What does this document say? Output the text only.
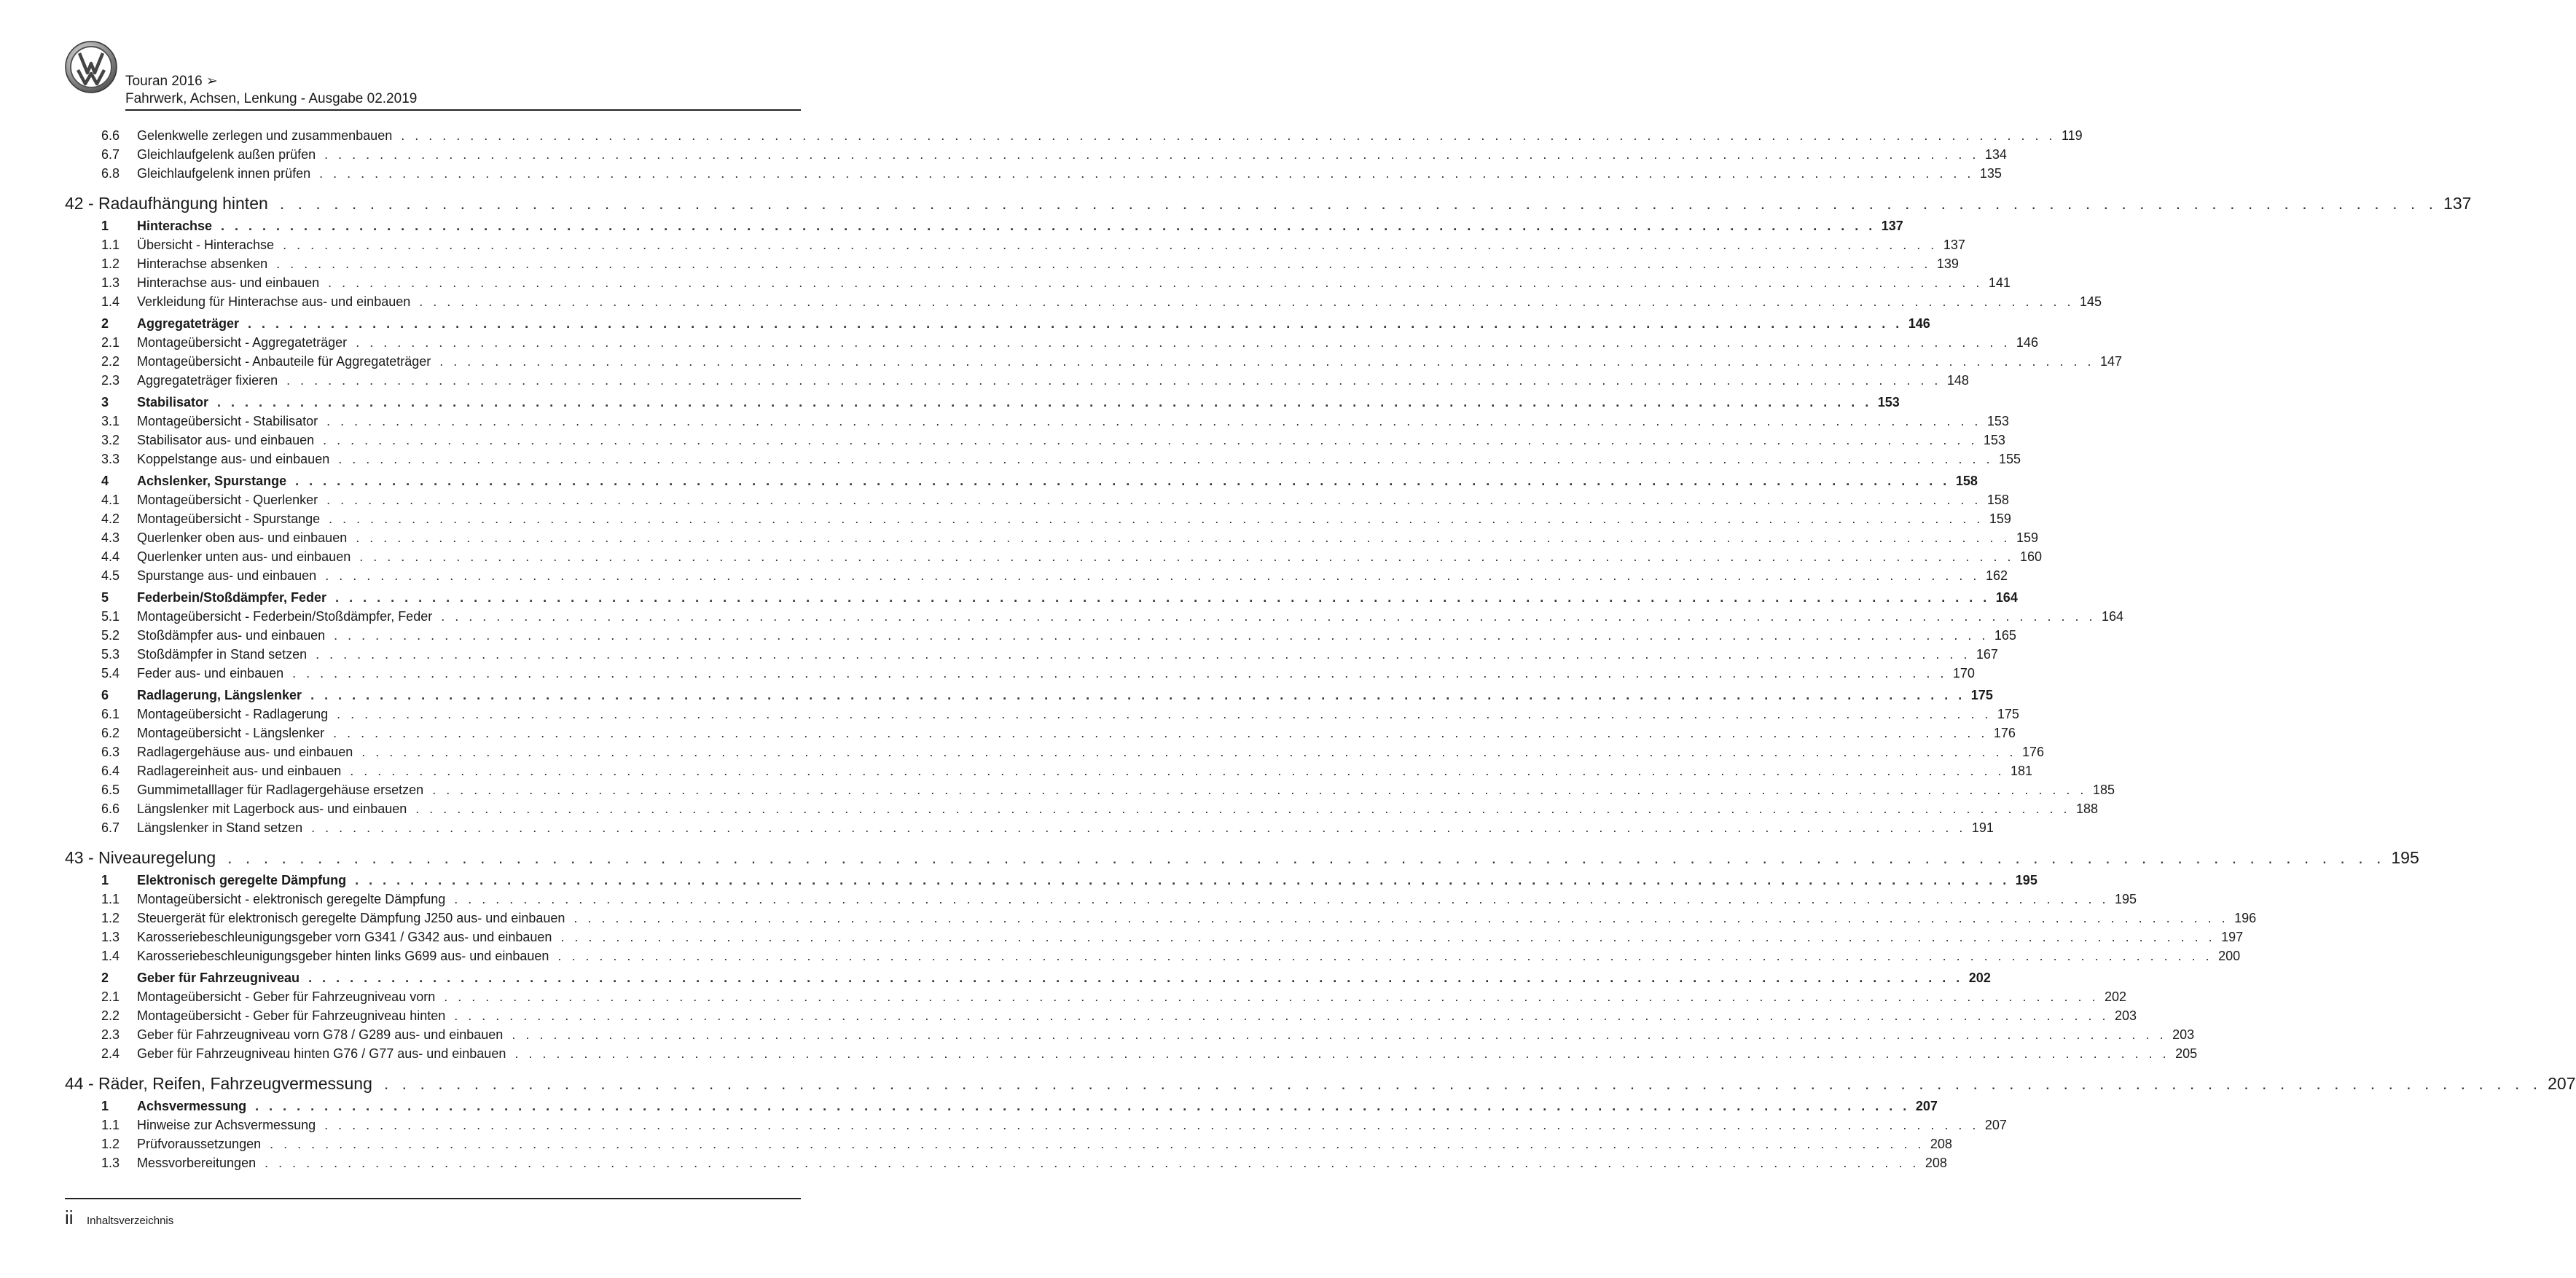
Touran 2016 ➢
Fahrwerk, Achsen, Lenkung - Ausgabe 02.2019
6.6	Gelenkwelle zerlegen und zusammenbauen . . . . . . . . . . . . . . . . . . . . . . . . . . . . . . . . . . . . . . . . . . . . . . . . . . . . . . . . . . . . . . . . . . . . . . . . . . . . . . . . . . . . . . . . . . . . . . . . . . . . . . . . . . . . . . . . . . . . . . . . 119
6.7	Gleichlaufgelenk außen prüfen . . . . . . . . . . . . . . . . . . . . . . . . . . . . . . . . . . . . . . . . . . . . . . . . . . . . . . . . . . . . . . . . . . . . . . . . . . . . . . . . . . . . . . . . . . . . . . . . . . . . . . . . . . . . . . . . . . . . . . . . 134
6.8	Gleichlaufgelenk innen prüfen . . . . . . . . . . . . . . . . . . . . . . . . . . . . . . . . . . . . . . . . . . . . . . . . . . . . . . . . . . . . . . . . . . . . . . . . . . . . . . . . . . . . . . . . . . . . . . . . . . . . . . . . . . . . . . . . . . . . . . . . 135
42 - Radaufhängung hinten . . . . . . . . . . . . . . . . . . . . . . . . . . . . . . . . . . . . . . . . . . . . . . . . . . . . . . . . . . . . . . . . . . . . . . . . . . . . . . . . . . . . . . . . . . . . . . . . . . . . . . . . . . . . . . . . . . . . . . . . 137
1	Hinterachse . . . . . . . . . . . . . . . . . . . . . . . . . . . . . . . . . . . . . . . . . . . . . . . . . . . . . . . . . . . . . . . . . . . . . . . . . . . . . . . . . . . . . . . . . . . . . . . . . . . . . . . . . . . . . . . . . . . . . . . . 137
1.1	Übersicht - Hinterachse . . . . . . . . . . . . . . . . . . . . . . . . . . . . . . . . . . . . . . . . . . . . . . . . . . . . . . . . . . . . . . . . . . . . . . . . . . . . . . . . . . . . . . . . . . . . . . . . . . . . . . . . . . . . . . . . . . . . . . . . 137
1.2	Hinterachse absenken . . . . . . . . . . . . . . . . . . . . . . . . . . . . . . . . . . . . . . . . . . . . . . . . . . . . . . . . . . . . . . . . . . . . . . . . . . . . . . . . . . . . . . . . . . . . . . . . . . . . . . . . . . . . . . . . . . . . . . . . 139
1.3	Hinterachse aus- und einbauen . . . . . . . . . . . . . . . . . . . . . . . . . . . . . . . . . . . . . . . . . . . . . . . . . . . . . . . . . . . . . . . . . . . . . . . . . . . . . . . . . . . . . . . . . . . . . . . . . . . . . . . . . . . . . . . . . . . . . . . . 141
1.4	Verkleidung für Hinterachse aus- und einbauen . . . . . . . . . . . . . . . . . . . . . . . . . . . . . . . . . . . . . . . . . . . . . . . . . . . . . . . . . . . . . . . . . . . . . . . . . . . . . . . . . . . . . . . . . . . . . . . . . . . . . . . . . . . . . . . . . . . . . . . . 145
2	Aggregateträger . . . . . . . . . . . . . . . . . . . . . . . . . . . . . . . . . . . . . . . . . . . . . . . . . . . . . . . . . . . . . . . . . . . . . . . . . . . . . . . . . . . . . . . . . . . . . . . . . . . . . . . . . . . . . . . . . . . . . . . . 146
2.1	Montageübersicht - Aggregateträger . . . . . . . . . . . . . . . . . . . . . . . . . . . . . . . . . . . . . . . . . . . . . . . . . . . . . . . . . . . . . . . . . . . . . . . . . . . . . . . . . . . . . . . . . . . . . . . . . . . . . . . . . . . . . . . . . . . . . . . . 146
2.2	Montageübersicht - Anbauteile für Aggregateträger . . . . . . . . . . . . . . . . . . . . . . . . . . . . . . . . . . . . . . . . . . . . . . . . . . . . . . . . . . . . . . . . . . . . . . . . . . . . . . . . . . . . . . . . . . . . . . . . . . . . . . . . . . . . . . . . . . . . . . . . 147
2.3	Aggregateträger fixieren . . . . . . . . . . . . . . . . . . . . . . . . . . . . . . . . . . . . . . . . . . . . . . . . . . . . . . . . . . . . . . . . . . . . . . . . . . . . . . . . . . . . . . . . . . . . . . . . . . . . . . . . . . . . . . . . . . . . . . . . 148
3	Stabilisator . . . . . . . . . . . . . . . . . . . . . . . . . . . . . . . . . . . . . . . . . . . . . . . . . . . . . . . . . . . . . . . . . . . . . . . . . . . . . . . . . . . . . . . . . . . . . . . . . . . . . . . . . . . . . . . . . . . . . . . . 153
3.1	Montageübersicht - Stabilisator . . . . . . . . . . . . . . . . . . . . . . . . . . . . . . . . . . . . . . . . . . . . . . . . . . . . . . . . . . . . . . . . . . . . . . . . . . . . . . . . . . . . . . . . . . . . . . . . . . . . . . . . . . . . . . . . . . . . . . . . 153
3.2	Stabilisator aus- und einbauen . . . . . . . . . . . . . . . . . . . . . . . . . . . . . . . . . . . . . . . . . . . . . . . . . . . . . . . . . . . . . . . . . . . . . . . . . . . . . . . . . . . . . . . . . . . . . . . . . . . . . . . . . . . . . . . . . . . . . . . . 153
3.3	Koppelstange aus- und einbauen . . . . . . . . . . . . . . . . . . . . . . . . . . . . . . . . . . . . . . . . . . . . . . . . . . . . . . . . . . . . . . . . . . . . . . . . . . . . . . . . . . . . . . . . . . . . . . . . . . . . . . . . . . . . . . . . . . . . . . . . 155
4	Achslenker, Spurstange . . . . . . . . . . . . . . . . . . . . . . . . . . . . . . . . . . . . . . . . . . . . . . . . . . . . . . . . . . . . . . . . . . . . . . . . . . . . . . . . . . . . . . . . . . . . . . . . . . . . . . . . . . . . . . . . . . . . . . . . 158
4.1	Montageübersicht - Querlenker . . . . . . . . . . . . . . . . . . . . . . . . . . . . . . . . . . . . . . . . . . . . . . . . . . . . . . . . . . . . . . . . . . . . . . . . . . . . . . . . . . . . . . . . . . . . . . . . . . . . . . . . . . . . . . . . . . . . . . . . 158
4.2	Montageübersicht - Spurstange . . . . . . . . . . . . . . . . . . . . . . . . . . . . . . . . . . . . . . . . . . . . . . . . . . . . . . . . . . . . . . . . . . . . . . . . . . . . . . . . . . . . . . . . . . . . . . . . . . . . . . . . . . . . . . . . . . . . . . . . 159
4.3	Querlenker oben aus- und einbauen . . . . . . . . . . . . . . . . . . . . . . . . . . . . . . . . . . . . . . . . . . . . . . . . . . . . . . . . . . . . . . . . . . . . . . . . . . . . . . . . . . . . . . . . . . . . . . . . . . . . . . . . . . . . . . . . . . . . . . . . 159
4.4	Querlenker unten aus- und einbauen . . . . . . . . . . . . . . . . . . . . . . . . . . . . . . . . . . . . . . . . . . . . . . . . . . . . . . . . . . . . . . . . . . . . . . . . . . . . . . . . . . . . . . . . . . . . . . . . . . . . . . . . . . . . . . . . . . . . . . . . 160
4.5	Spurstange aus- und einbauen . . . . . . . . . . . . . . . . . . . . . . . . . . . . . . . . . . . . . . . . . . . . . . . . . . . . . . . . . . . . . . . . . . . . . . . . . . . . . . . . . . . . . . . . . . . . . . . . . . . . . . . . . . . . . . . . . . . . . . . . 162
5	Federbein/Stoßdämpfer, Feder . . . . . . . . . . . . . . . . . . . . . . . . . . . . . . . . . . . . . . . . . . . . . . . . . . . . . . . . . . . . . . . . . . . . . . . . . . . . . . . . . . . . . . . . . . . . . . . . . . . . . . . . . . . . . . . . . . . . . . . . 164
5.1	Montageübersicht - Federbein/Stoßdämpfer, Feder . . . . . . . . . . . . . . . . . . . . . . . . . . . . . . . . . . . . . . . . . . . . . . . . . . . . . . . . . . . . . . . . . . . . . . . . . . . . . . . . . . . . . . . . . . . . . . . . . . . . . . . . . . . . . . . . . . . . . . . . 164
5.2	Stoßdämpfer aus- und einbauen . . . . . . . . . . . . . . . . . . . . . . . . . . . . . . . . . . . . . . . . . . . . . . . . . . . . . . . . . . . . . . . . . . . . . . . . . . . . . . . . . . . . . . . . . . . . . . . . . . . . . . . . . . . . . . . . . . . . . . . . 165
5.3	Stoßdämpfer in Stand setzen . . . . . . . . . . . . . . . . . . . . . . . . . . . . . . . . . . . . . . . . . . . . . . . . . . . . . . . . . . . . . . . . . . . . . . . . . . . . . . . . . . . . . . . . . . . . . . . . . . . . . . . . . . . . . . . . . . . . . . . . 167
5.4	Feder aus- und einbauen . . . . . . . . . . . . . . . . . . . . . . . . . . . . . . . . . . . . . . . . . . . . . . . . . . . . . . . . . . . . . . . . . . . . . . . . . . . . . . . . . . . . . . . . . . . . . . . . . . . . . . . . . . . . . . . . . . . . . . . . 170
6	Radlagerung, Längslenker . . . . . . . . . . . . . . . . . . . . . . . . . . . . . . . . . . . . . . . . . . . . . . . . . . . . . . . . . . . . . . . . . . . . . . . . . . . . . . . . . . . . . . . . . . . . . . . . . . . . . . . . . . . . . . . . . . . . . . . . 175
6.1	Montageübersicht - Radlagerung . . . . . . . . . . . . . . . . . . . . . . . . . . . . . . . . . . . . . . . . . . . . . . . . . . . . . . . . . . . . . . . . . . . . . . . . . . . . . . . . . . . . . . . . . . . . . . . . . . . . . . . . . . . . . . . . . . . . . . . . 175
6.2	Montageübersicht - Längslenker . . . . . . . . . . . . . . . . . . . . . . . . . . . . . . . . . . . . . . . . . . . . . . . . . . . . . . . . . . . . . . . . . . . . . . . . . . . . . . . . . . . . . . . . . . . . . . . . . . . . . . . . . . . . . . . . . . . . . . . . 176
6.3	Radlagergehäuse aus- und einbauen . . . . . . . . . . . . . . . . . . . . . . . . . . . . . . . . . . . . . . . . . . . . . . . . . . . . . . . . . . . . . . . . . . . . . . . . . . . . . . . . . . . . . . . . . . . . . . . . . . . . . . . . . . . . . . . . . . . . . . . . 176
6.4	Radlagereinheit aus- und einbauen . . . . . . . . . . . . . . . . . . . . . . . . . . . . . . . . . . . . . . . . . . . . . . . . . . . . . . . . . . . . . . . . . . . . . . . . . . . . . . . . . . . . . . . . . . . . . . . . . . . . . . . . . . . . . . . . . . . . . . . . 181
6.5	Gummimetalllager für Radlagergehäuse ersetzen . . . . . . . . . . . . . . . . . . . . . . . . . . . . . . . . . . . . . . . . . . . . . . . . . . . . . . . . . . . . . . . . . . . . . . . . . . . . . . . . . . . . . . . . . . . . . . . . . . . . . . . . . . . . . . . . . . . . . . . . 185
6.6	Längslenker mit Lagerbock aus- und einbauen . . . . . . . . . . . . . . . . . . . . . . . . . . . . . . . . . . . . . . . . . . . . . . . . . . . . . . . . . . . . . . . . . . . . . . . . . . . . . . . . . . . . . . . . . . . . . . . . . . . . . . . . . . . . . . . . . . . . . . . . 188
6.7	Längslenker in Stand setzen . . . . . . . . . . . . . . . . . . . . . . . . . . . . . . . . . . . . . . . . . . . . . . . . . . . . . . . . . . . . . . . . . . . . . . . . . . . . . . . . . . . . . . . . . . . . . . . . . . . . . . . . . . . . . . . . . . . . . . . . 191
43 - Niveauregelung . . . . . . . . . . . . . . . . . . . . . . . . . . . . . . . . . . . . . . . . . . . . . . . . . . . . . . . . . . . . . . . . . . . . . . . . . . . . . . . . . . . . . . . . . . . . . . . . . . . . . . . . . . . . . . . . . . . . . . . . 195
1	Elektronisch geregelte Dämpfung . . . . . . . . . . . . . . . . . . . . . . . . . . . . . . . . . . . . . . . . . . . . . . . . . . . . . . . . . . . . . . . . . . . . . . . . . . . . . . . . . . . . . . . . . . . . . . . . . . . . . . . . . . . . . . . . . . . . . . . . 195
1.1	Montageübersicht - elektronisch geregelte Dämpfung . . . . . . . . . . . . . . . . . . . . . . . . . . . . . . . . . . . . . . . . . . . . . . . . . . . . . . . . . . . . . . . . . . . . . . . . . . . . . . . . . . . . . . . . . . . . . . . . . . . . . . . . . . . . . . . . . . . . . . . . 195
1.2	Steuergerät für elektronisch geregelte Dämpfung J250 aus- und einbauen . . . . . . . . . . . . . . . . . . . . . . . . . . . . . . . . . . . . . . . . . . . . . . . . . . . . . . . . . . . . . . . . . . . . . . . . . . . . . . . . . . . . . . . . . . . . . . . . . . . . . . . . . . . . . . . . . . . . . . . . 196
1.3	Karosseriebeschleunigungsgeber vorn G341 / G342 aus- und einbauen . . . . . . . . . . . . . . . . . . . . . . . . . . . . . . . . . . . . . . . . . . . . . . . . . . . . . . . . . . . . . . . . . . . . . . . . . . . . . . . . . . . . . . . . . . . . . . . . . . . . . . . . . . . . . . . . . . . . . . . . 197
1.4	Karosseriebeschleunigungsgeber hinten links G699 aus- und einbauen . . . . . . . . . . . . . . . . . . . . . . . . . . . . . . . . . . . . . . . . . . . . . . . . . . . . . . . . . . . . . . . . . . . . . . . . . . . . . . . . . . . . . . . . . . . . . . . . . . . . . . . . . . . . . . . . . . . . . . . . 200
2	Geber für Fahrzeugniveau . . . . . . . . . . . . . . . . . . . . . . . . . . . . . . . . . . . . . . . . . . . . . . . . . . . . . . . . . . . . . . . . . . . . . . . . . . . . . . . . . . . . . . . . . . . . . . . . . . . . . . . . . . . . . . . . . . . . . . . . 202
2.1	Montageübersicht - Geber für Fahrzeugniveau vorn . . . . . . . . . . . . . . . . . . . . . . . . . . . . . . . . . . . . . . . . . . . . . . . . . . . . . . . . . . . . . . . . . . . . . . . . . . . . . . . . . . . . . . . . . . . . . . . . . . . . . . . . . . . . . . . . . . . . . . . . 202
2.2	Montageübersicht - Geber für Fahrzeugniveau hinten . . . . . . . . . . . . . . . . . . . . . . . . . . . . . . . . . . . . . . . . . . . . . . . . . . . . . . . . . . . . . . . . . . . . . . . . . . . . . . . . . . . . . . . . . . . . . . . . . . . . . . . . . . . . . . . . . . . . . . . . 203
2.3	Geber für Fahrzeugniveau vorn G78 / G289 aus- und einbauen . . . . . . . . . . . . . . . . . . . . . . . . . . . . . . . . . . . . . . . . . . . . . . . . . . . . . . . . . . . . . . . . . . . . . . . . . . . . . . . . . . . . . . . . . . . . . . . . . . . . . . . . . . . . . . . . . . . . . . . . 203
2.4	Geber für Fahrzeugniveau hinten G76 / G77 aus- und einbauen . . . . . . . . . . . . . . . . . . . . . . . . . . . . . . . . . . . . . . . . . . . . . . . . . . . . . . . . . . . . . . . . . . . . . . . . . . . . . . . . . . . . . . . . . . . . . . . . . . . . . . . . . . . . . . . . . . . . . . . . 205
44 - Räder, Reifen, Fahrzeugvermessung . . . . . . . . . . . . . . . . . . . . . . . . . . . . . . . . . . . . . . . . . . . . . . . . . . . . . . . . . . . . . . . . . . . . . . . . . . . . . . . . . . . . . . . . . . . . . . . . . . . . . . . . . . . . . . . . . . . . . . . . 207
1	Achsvermessung . . . . . . . . . . . . . . . . . . . . . . . . . . . . . . . . . . . . . . . . . . . . . . . . . . . . . . . . . . . . . . . . . . . . . . . . . . . . . . . . . . . . . . . . . . . . . . . . . . . . . . . . . . . . . . . . . . . . . . . . 207
1.1	Hinweise zur Achsvermessung . . . . . . . . . . . . . . . . . . . . . . . . . . . . . . . . . . . . . . . . . . . . . . . . . . . . . . . . . . . . . . . . . . . . . . . . . . . . . . . . . . . . . . . . . . . . . . . . . . . . . . . . . . . . . . . . . . . . . . . . 207
1.2	Prüfvoraussetzungen . . . . . . . . . . . . . . . . . . . . . . . . . . . . . . . . . . . . . . . . . . . . . . . . . . . . . . . . . . . . . . . . . . . . . . . . . . . . . . . . . . . . . . . . . . . . . . . . . . . . . . . . . . . . . . . . . . . . . . . . 208
1.3	Messvorbereitungen . . . . . . . . . . . . . . . . . . . . . . . . . . . . . . . . . . . . . . . . . . . . . . . . . . . . . . . . . . . . . . . . . . . . . . . . . . . . . . . . . . . . . . . . . . . . . . . . . . . . . . . . . . . . . . . . . . . . . . . . 208
ii Inhaltsverzeichnis
